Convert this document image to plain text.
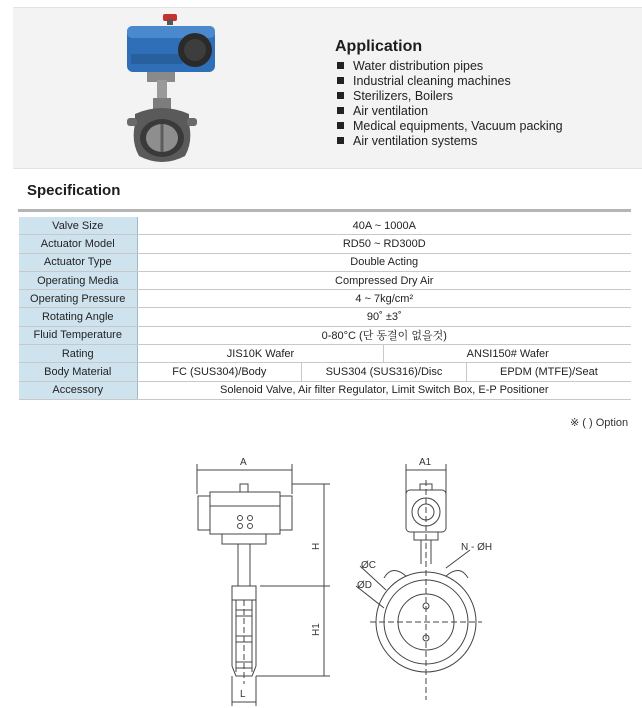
Application
Water distribution pipes
Industrial cleaning machines
Sterilizers, Boilers
Air ventilation
Medical equipments, Vacuum packing
Air ventilation systems
Specification
Valve Size	40A ~ 1000A			
Actuator Model	RD50 ~ RD300D			
Actuator Type	Double Acting			
Operating Media	Compressed Dry Air			
Operating Pressure	4 ~ 7kg/cm²			
Rotating Angle	90˚ ±3˚			
Fluid Temperature	0-80°C (단 동결이 없을것)			
Rating	JIS10K Wafer		ANSI150# Wafer	
Body Material	FC (SUS304)/Body	SUS304 (SUS316)/Disc		EPDM (MTFE)/Seat
Accessory	Solenoid Valve, Air filter Regulator, Limit Switch Box, E-P Positioner			
※ ( ) Option
A
L
H
H1
A1
N - ØH
ØC
ØD
